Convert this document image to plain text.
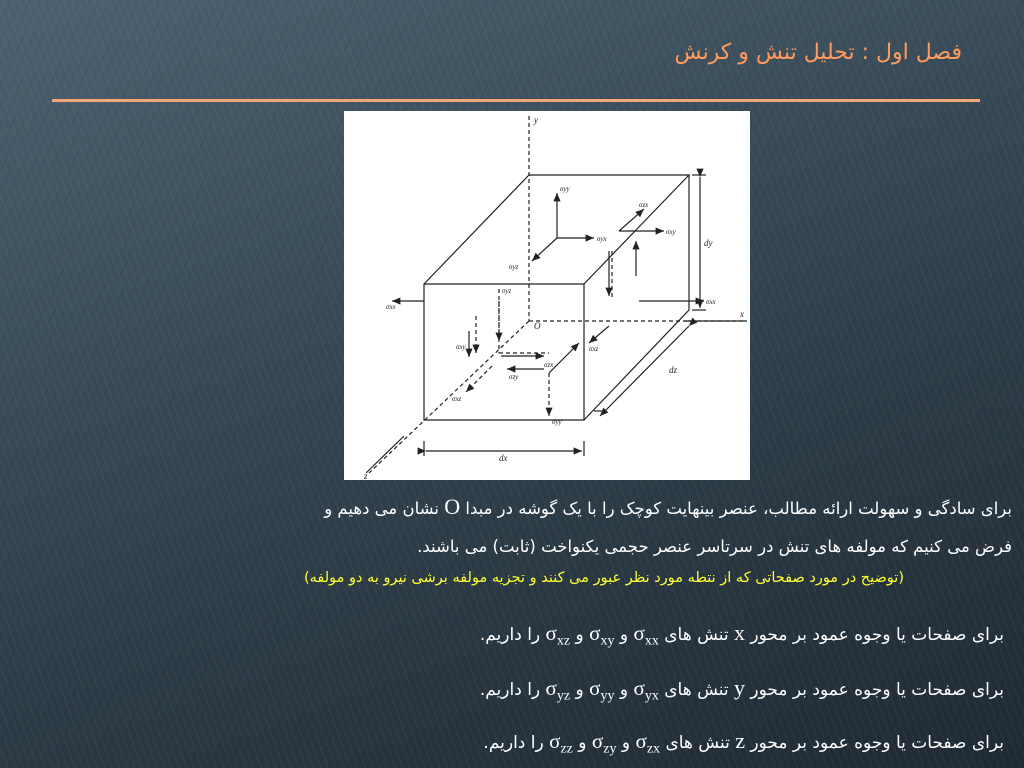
فصل اول : تحلیل تنش و کرنش
y
x
z
O
dy
dx
dz
σyy
σyx
σyz
σzx
σxy
σxx
σxz
σxx
σxy
σxz
σzy
σzx
σyy
σyz
برای سادگی و سهولت ارائه مطالب، عنصر بینهایت کوچک را با یک گوشه در مبدا O نشان می دهیم و
فرض می کنیم که مولفه های تنش در سرتاسر عنصر حجمی یکنواخت (ثابت) می باشند.
(توضیح در مورد صفحاتی که از نتطه مورد نظر عبور می کنند و تجزیه مولفه برشی نیرو به دو مولفه)
برای صفحات یا وجوه عمود بر محور x تنش های $\sigma_{xx}$ و $\sigma_{xy}$ و $\sigma_{xz}$ را داریم.
برای صفحات یا وجوه عمود بر محور y تنش های $\sigma_{yx}$ و $\sigma_{yy}$ و $\sigma_{yz}$ را داریم.
برای صفحات یا وجوه عمود بر محور z تنش های $\sigma_{zx}$ و $\sigma_{zy}$ و $\sigma_{zz}$ را داریم.
